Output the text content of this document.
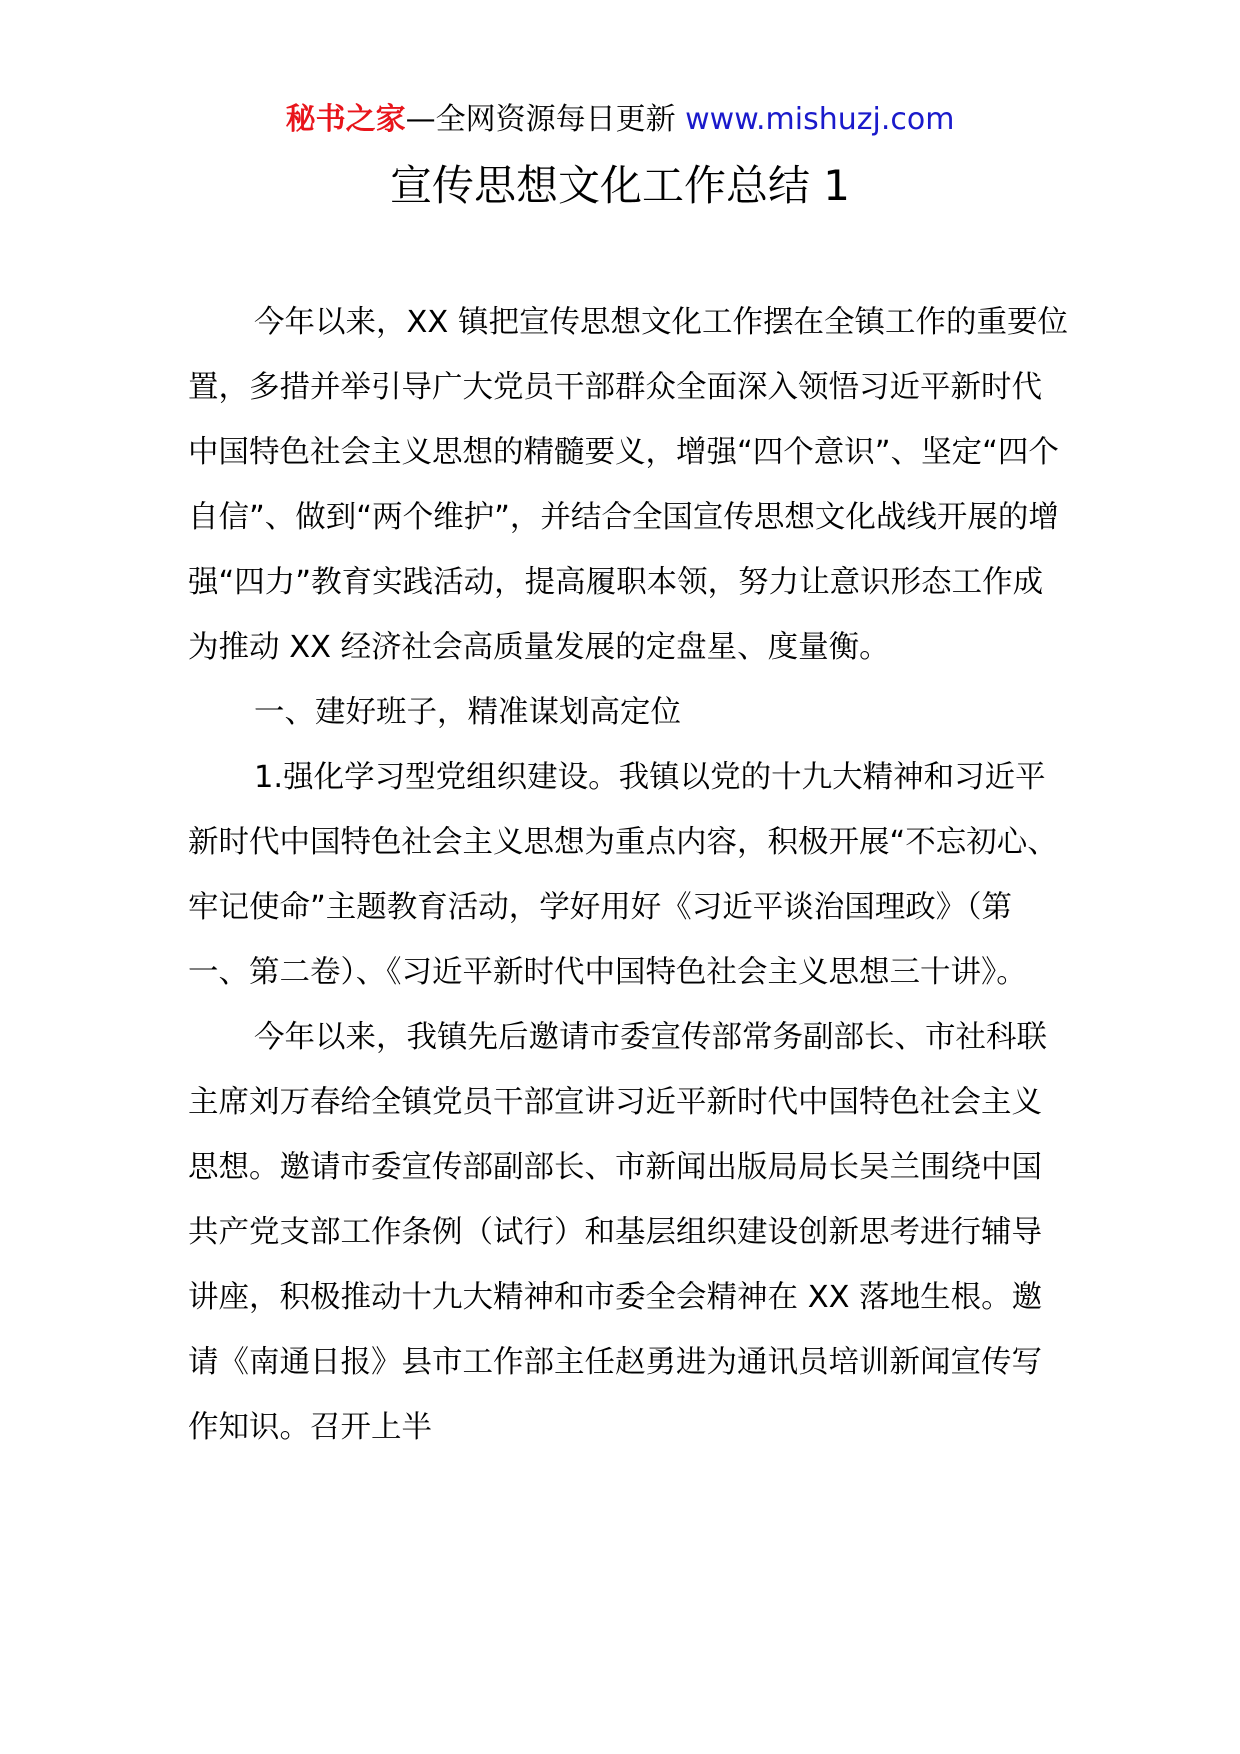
秘书之家—全网资源每日更新 www.mishuzj.com
宣传思想文化工作总结 1

今年以来，XX 镇把宣传思想文化工作摆在全镇工作的重要位置，多措并举引导广大党员干部群众全面深入领悟习近平新时代中国特色社会主义思想的精髓要义，增强“四个意识”、坚定“四个自信”、做到“两个维护”，并结合全国宣传思想文化战线开展的增强“四力”教育实践活动，提高履职本领，努力让意识形态工作成为推动 XX 经济社会高质量发展的定盘星、度量衡。

一、建好班子，精准谋划高定位

1.强化学习型党组织建设。我镇以党的十九大精神和习近平新时代中国特色社会主义思想为重点内容，积极开展“不忘初心、牢记使命”主题教育活动，学好用好《习近平谈治国理政》（第一、第二卷）、《习近平新时代中国特色社会主义思想三十讲》。

今年以来，我镇先后邀请市委宣传部常务副部长、市社科联主席刘万春给全镇党员干部宣讲习近平新时代中国特色社会主义思想。邀请市委宣传部副部长、市新闻出版局局长吴兰围绕中国共产党支部工作条例（试行）和基层组织建设创新思考进行辅导讲座，积极推动十九大精神和市委全会精神在 XX 落地生根。邀请《南通日报》县市工作部主任赵勇进为通讯员培训新闻宣传写作知识。召开上半
